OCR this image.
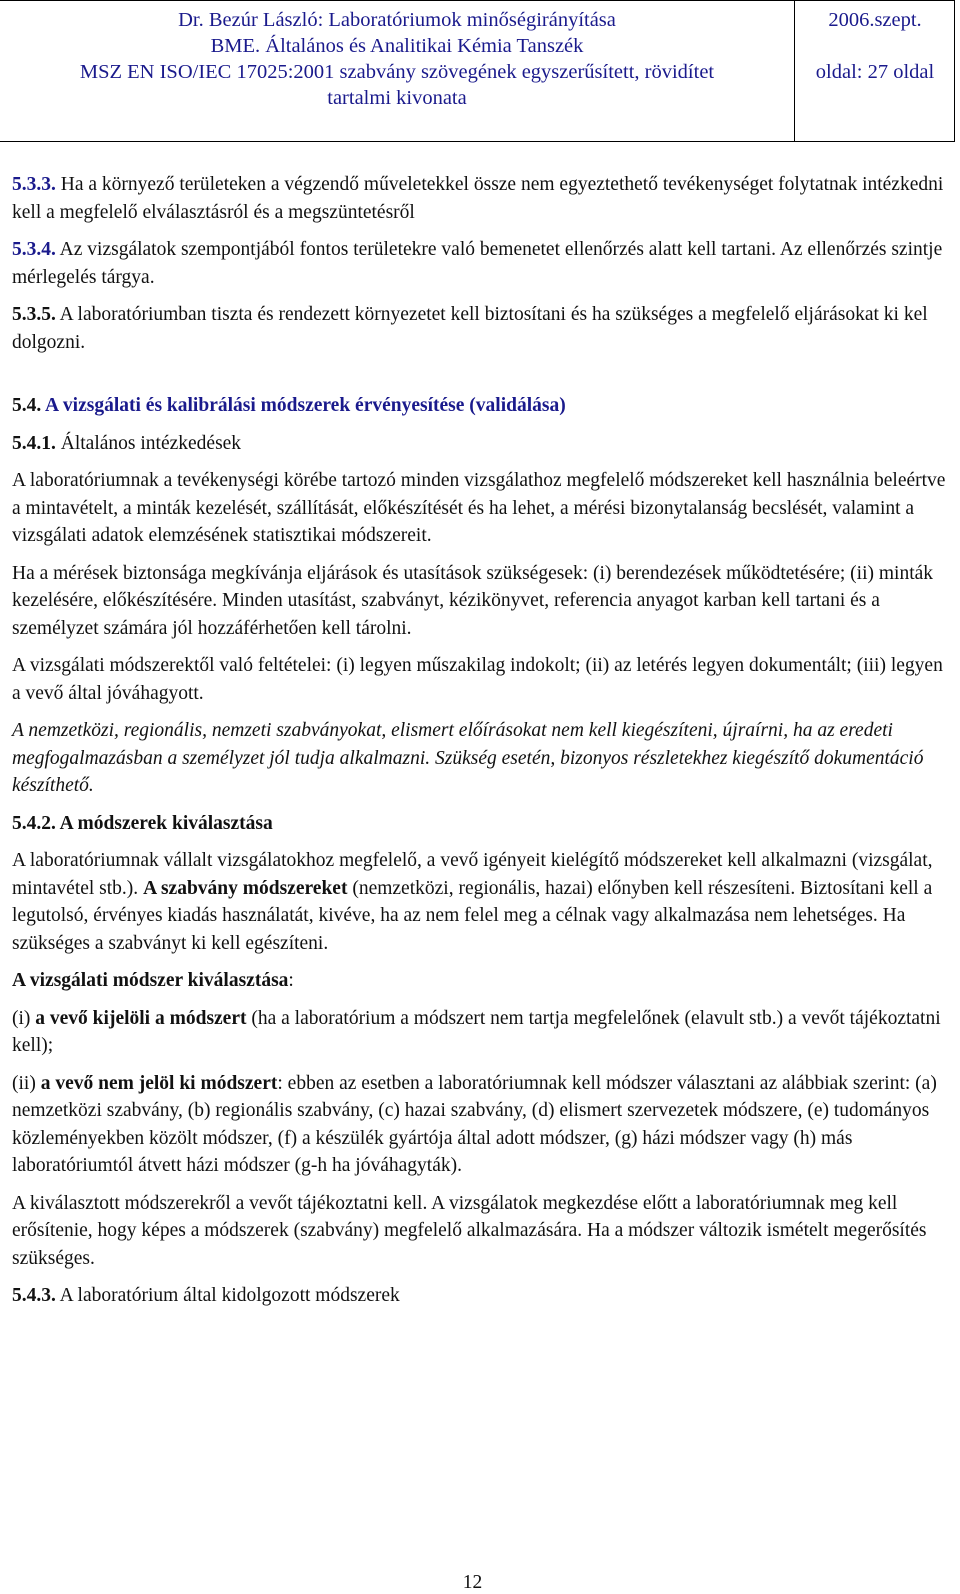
Dr. Bezúr László: Laboratóriumok minőségirányítása
BME. Általános és Analitikai Kémia Tanszék
MSZ EN ISO/IEC 17025:2001 szabvány szövegének egyszerűsített, rövidítet
tartalmi kivonata
2006.szept.
oldal: 27 oldal

5.3.3. Ha a környező területeken a végzendő műveletekkel össze nem egyeztethető tevékenységet folytatnak intézkedni kell a megfelelő elválasztásról és a megszüntetésről

5.3.4. Az vizsgálatok szempontjából fontos területekre való bemenetet ellenőrzés alatt kell tartani. Az ellenőrzés szintje mérlegelés tárgya.

5.3.5. A laboratóriumban tiszta és rendezett környezetet kell biztosítani és ha szükséges a megfelelő eljárásokat ki kel dolgozni.

5.4. A vizsgálati és kalibrálási módszerek érvényesítése (validálása)

5.4.1. Általános intézkedések

A laboratóriumnak a tevékenységi körébe tartozó minden vizsgálathoz megfelelő módszereket kell használnia beleértve a mintavételt, a minták kezelését, szállítását, előkészítését és ha lehet, a mérési bizonytalanság becslését, valamint a vizsgálati adatok elemzésének statisztikai módszereit.

Ha a mérések biztonsága megkívánja eljárások és utasítások szükségesek: (i) berendezések működtetésére; (ii) minták kezelésére, előkészítésére. Minden utasítást, szabványt, kézikönyvet, referencia anyagot karban kell tartani és a személyzet számára jól hozzáférhetően kell tárolni.

A vizsgálati módszerektől való feltételei: (i) legyen műszakilag indokolt; (ii) az letérés legyen dokumentált; (iii) legyen a vevő által jóváhagyott.

A nemzetközi, regionális, nemzeti szabványokat, elismert előírásokat nem kell kiegészíteni, újraírni, ha az eredeti megfogalmazásban a személyzet jól tudja alkalmazni. Szükség esetén, bizonyos részletekhez kiegészítő dokumentáció készíthető.

5.4.2. A módszerek kiválasztása

A laboratóriumnak vállalt vizsgálatokhoz megfelelő, a vevő igényeit kielégítő módszereket kell alkalmazni (vizsgálat, mintavétel stb.). A szabvány módszereket (nemzetközi, regionális, hazai) előnyben kell részesíteni. Biztosítani kell a legutolsó, érvényes kiadás használatát, kivéve, ha az nem felel meg a célnak vagy alkalmazása nem lehetséges. Ha szükséges a szabványt ki kell egészíteni.

A vizsgálati módszer kiválasztása:

(i) a vevő kijelöli a módszert (ha a laboratórium a módszert nem tartja megfelelőnek (elavult stb.) a vevőt tájékoztatni kell);

(ii) a vevő nem jelöl ki módszert: ebben az esetben a laboratóriumnak kell módszer választani az alábbiak szerint: (a) nemzetközi szabvány, (b) regionális szabvány, (c) hazai szabvány, (d) elismert szervezetek módszere, (e) tudományos közleményekben közölt módszer, (f) a készülék gyártója által adott módszer, (g) házi módszer vagy (h) más laboratóriumtól átvett házi módszer (g-h ha jóváhagyták).

A kiválasztott módszerekről a vevőt tájékoztatni kell. A vizsgálatok megkezdése előtt a laboratóriumnak meg kell erősítenie, hogy képes a módszerek (szabvány) megfelelő alkalmazására. Ha a módszer változik ismételt megerősítés szükséges.

5.4.3. A laboratórium által kidolgozott módszerek

12
